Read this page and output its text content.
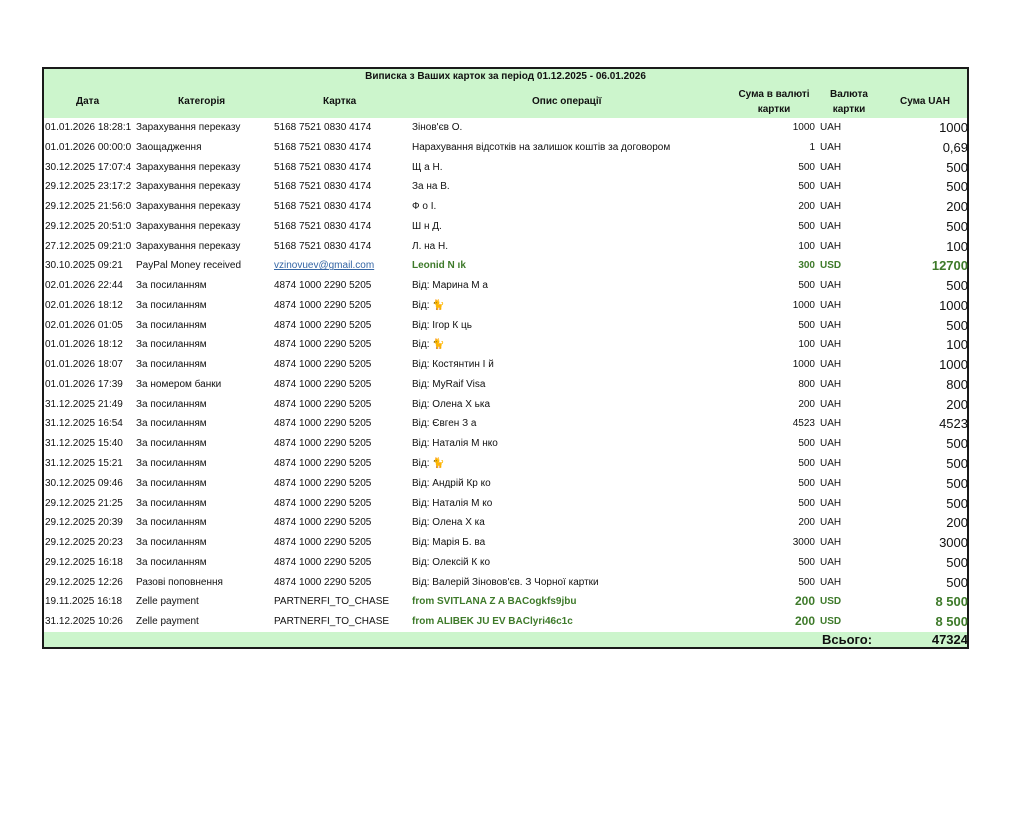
Виписка з Ваших карток за період 01.12.2025 - 06.01.2026
Дата	Категорія	Картка	Опис операції
Сума в валюті
картки
Валюта
картки
Сума UAH
01.01.2026 18:28:1 Зарахування переказу	5168 7521 0830 4174	Зінов'єв О.	1000 UAH	1000
01.01.2026 00:00:0 Заощадження	5168 7521 0830 4174	Нарахування відсотків на залишок коштів за договором	1 UAH	0,69
30.12.2025 17:07:4 Зарахування переказу	5168 7521 0830 4174	Щ а Н.	500 UAH	500
29.12.2025 23:17:2 Зарахування переказу	5168 7521 0830 4174	За на В.	500 UAH	500
29.12.2025 21:56:0 Зарахування переказу	5168 7521 0830 4174	Ф о І.	200 UAH	200
29.12.2025 20:51:0 Зарахування переказу	5168 7521 0830 4174	Ш н Д.	500 UAH	500
27.12.2025 09:21:0 Зарахування переказу	5168 7521 0830 4174	Л. на Н.	100 UAH	100
30.10.2025 09:21	PayPal Money received	vzinovuev@gmail.com	Leonid N ık	300 USD	12700
02.01.2026 22:44	За посиланням	4874 1000 2290 5205	Від: Марина М а	500 UAH	500
02.01.2026 18:12	За посиланням	4874 1000 2290 5205	Від: 🐈	1000 UAH	1000
02.01.2026 01:05	За посиланням	4874 1000 2290 5205	Від: Ігор К ць	500 UAH	500
01.01.2026 18:12	За посиланням	4874 1000 2290 5205	Від: 🐈	100 UAH	100
01.01.2026 18:07	За посиланням	4874 1000 2290 5205	Від: Костянтин І й	1000 UAH	1000
01.01.2026 17:39	За номером банки	4874 1000 2290 5205	Від: MyRaif Visa	800 UAH	800
31.12.2025 21:49	За посиланням	4874 1000 2290 5205	Від: Олена Х ька	200 UAH	200
31.12.2025 16:54	За посиланням	4874 1000 2290 5205	Від: Євген З а	4523 UAH	4523
31.12.2025 15:40	За посиланням	4874 1000 2290 5205	Від: Наталія М нко	500 UAH	500
31.12.2025 15:21	За посиланням	4874 1000 2290 5205	Від: 🐈	500 UAH	500
30.12.2025 09:46	За посиланням	4874 1000 2290 5205	Від: Андрій Кр ко	500 UAH	500
29.12.2025 21:25	За посиланням	4874 1000 2290 5205	Від: Наталія М ко	500 UAH	500
29.12.2025 20:39	За посиланням	4874 1000 2290 5205	Від: Олена Х ка	200 UAH	200
29.12.2025 20:23	За посиланням	4874 1000 2290 5205	Від: Марія Б. ва	3000 UAH	3000
29.12.2025 16:18	За посиланням	4874 1000 2290 5205	Від: Олексій К ко	500 UAH	500
29.12.2025 12:26	Разові поповнення	4874 1000 2290 5205	Від: Валерій Зіновов'єв. З Чорної картки	500 UAH	500
19.11.2025 16:18	Zelle payment	PARTNERFI_TO_CHASE from SVITLANA Z A BACogkfs9jbu	200 USD	8 500
31.12.2025 10:26	Zelle payment	PARTNERFI_TO_CHASE from ALIBEK JU EV BAClyri46c1c	200 USD	8 500
Всього:	47324
